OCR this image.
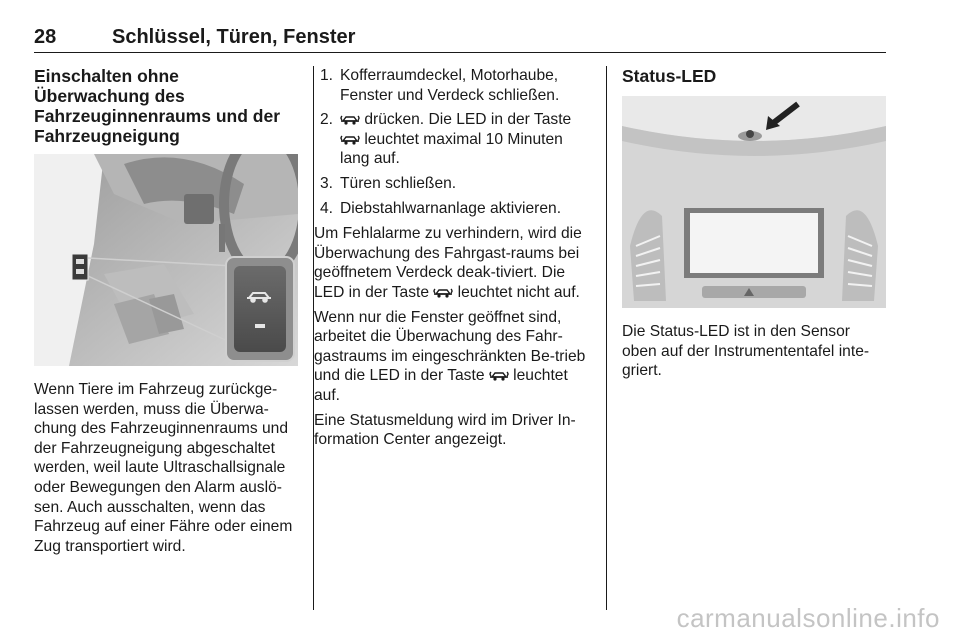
28	Schlüssel, Türen, Fenster
Einschalten ohne Überwachung des Fahrzeuginnenraums und der Fahrzeugneigung

Wenn Tiere im Fahrzeug zurückge-lassen werden, muss die Überwa-chung des Fahrzeuginnenraums und der Fahrzeugneigung abgeschaltet werden, weil laute Ultraschallsignale oder Bewegungen den Alarm auslö-sen. Auch ausschalten, wenn das Fahrzeug auf einer Fähre oder einem Zug transportiert wird.

1. Kofferraumdeckel, Motorhaube, Fenster und Verdeck schließen.
2. drücken. Die LED in der Taste  leuchtet maximal 10 Minuten lang auf.
3. Türen schließen.
4. Diebstahlwarnanlage aktivieren.

Um Fehlalarme zu verhindern, wird die Überwachung des Fahrgast-raums bei geöffnetem Verdeck deak-tiviert. Die LED in der Taste  leuchtet nicht auf.

Wenn nur die Fenster geöffnet sind, arbeitet die Überwachung des Fahr-gastraums im eingeschränkten Be-trieb und die LED in der Taste  leuchtet auf.

Eine Statusmeldung wird im Driver In-formation Center angezeigt.

Status-LED

Die Status-LED ist in den Sensor oben auf der Instrumententafel inte-griert.

carmanualsonline.info
